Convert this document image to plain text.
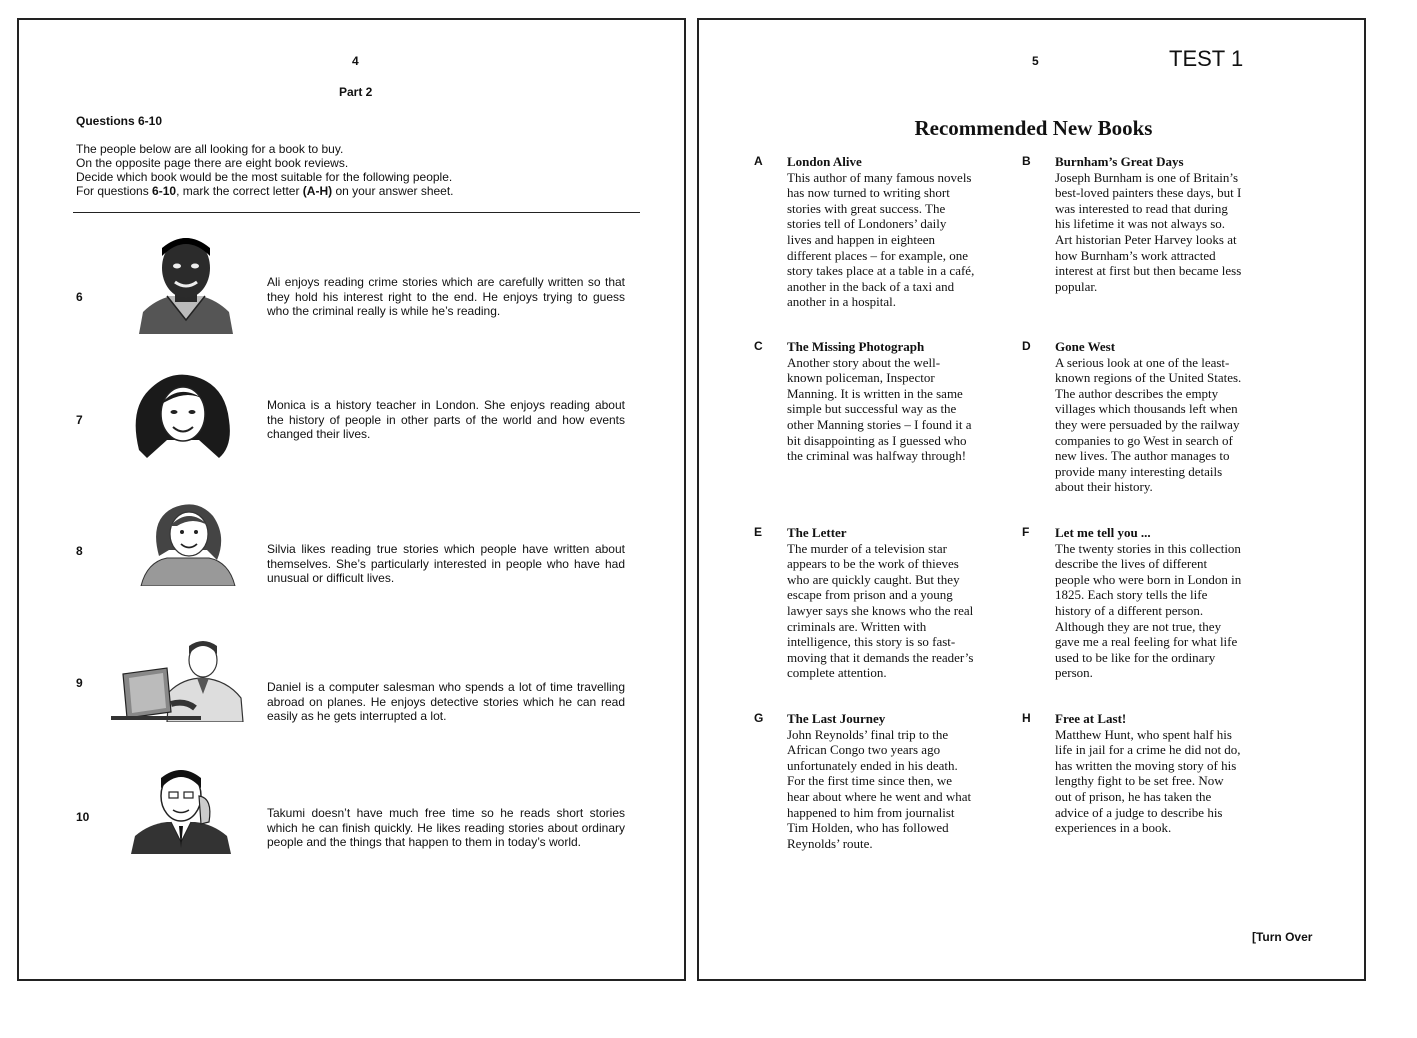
4
Part 2
Questions 6-10
The people below are all looking for a book to buy.
On the opposite page there are eight book reviews.
Decide which book would be the most suitable for the following people.
For questions 6-10, mark the correct letter (A-H) on your answer sheet.
6
Ali enjoys reading crime stories which are carefully written so that they hold his interest right to the end. He enjoys trying to guess who the criminal really is while he’s reading.
7
Monica is a history teacher in London. She enjoys reading about the history of people in other parts of the world and how events changed their lives.
8	Silvia likes reading true stories which people have written about themselves. She’s particularly interested in people who have had unusual or difficult lives.
9	Daniel is a computer salesman who spends a lot of time travelling abroad on planes. He enjoys detective stories which he can read easily as he gets interrupted a lot.
10	Takumi doesn’t have much free time so he reads short stories which he can finish quickly. He likes reading stories about ordinary people and the things that happen to them in today’s world.
5	TEST 1
Recommended New Books
A London Alive
This author of many famous novels
has now turned to writing short
stories with great success. The
stories tell of Londoners’ daily
lives and happen in eighteen
different places – for example, one
story takes place at a table in a café,
another in the back of a taxi and
another in a hospital.
B Burnham’s Great Days
Joseph Burnham is one of Britain’s
best-loved painters these days, but I
was interested to read that during
his lifetime it was not always so.
Art historian Peter Harvey looks at
how Burnham’s work attracted
interest at first but then became less
popular.
C The Missing Photograph
Another story about the well-
known policeman, Inspector
Manning. It is written in the same
simple but successful way as the
other Manning stories – I found it a
bit disappointing as I guessed who
the criminal was halfway through!
D Gone West
A serious look at one of the least-
known regions of the United States.
The author describes the empty
villages which thousands left when
they were persuaded by the railway
companies to go West in search of
new lives. The author manages to
provide many interesting details
about their history.
E The Letter
The murder of a television star
appears to be the work of thieves
who are quickly caught. But they
escape from prison and a young
lawyer says she knows who the real
criminals are. Written with
intelligence, this story is so fast-
moving that it demands the reader’s
complete attention.
F Let me tell you ...
The twenty stories in this collection
describe the lives of different
people who were born in London in
1825. Each story tells the life
history of a different person.
Although they are not true, they
gave me a real feeling for what life
used to be like for the ordinary
person.
G The Last Journey
John Reynolds’ final trip to the
African Congo two years ago
unfortunately ended in his death.
For the first time since then, we
hear about where he went and what
happened to him from journalist
Tim Holden, who has followed
Reynolds’ route.
H Free at Last!
Matthew Hunt, who spent half his
life in jail for a crime he did not do,
has written the moving story of his
lengthy fight to be set free. Now
out of prison, he has taken the
advice of a judge to describe his
experiences in a book.
[Turn Over
